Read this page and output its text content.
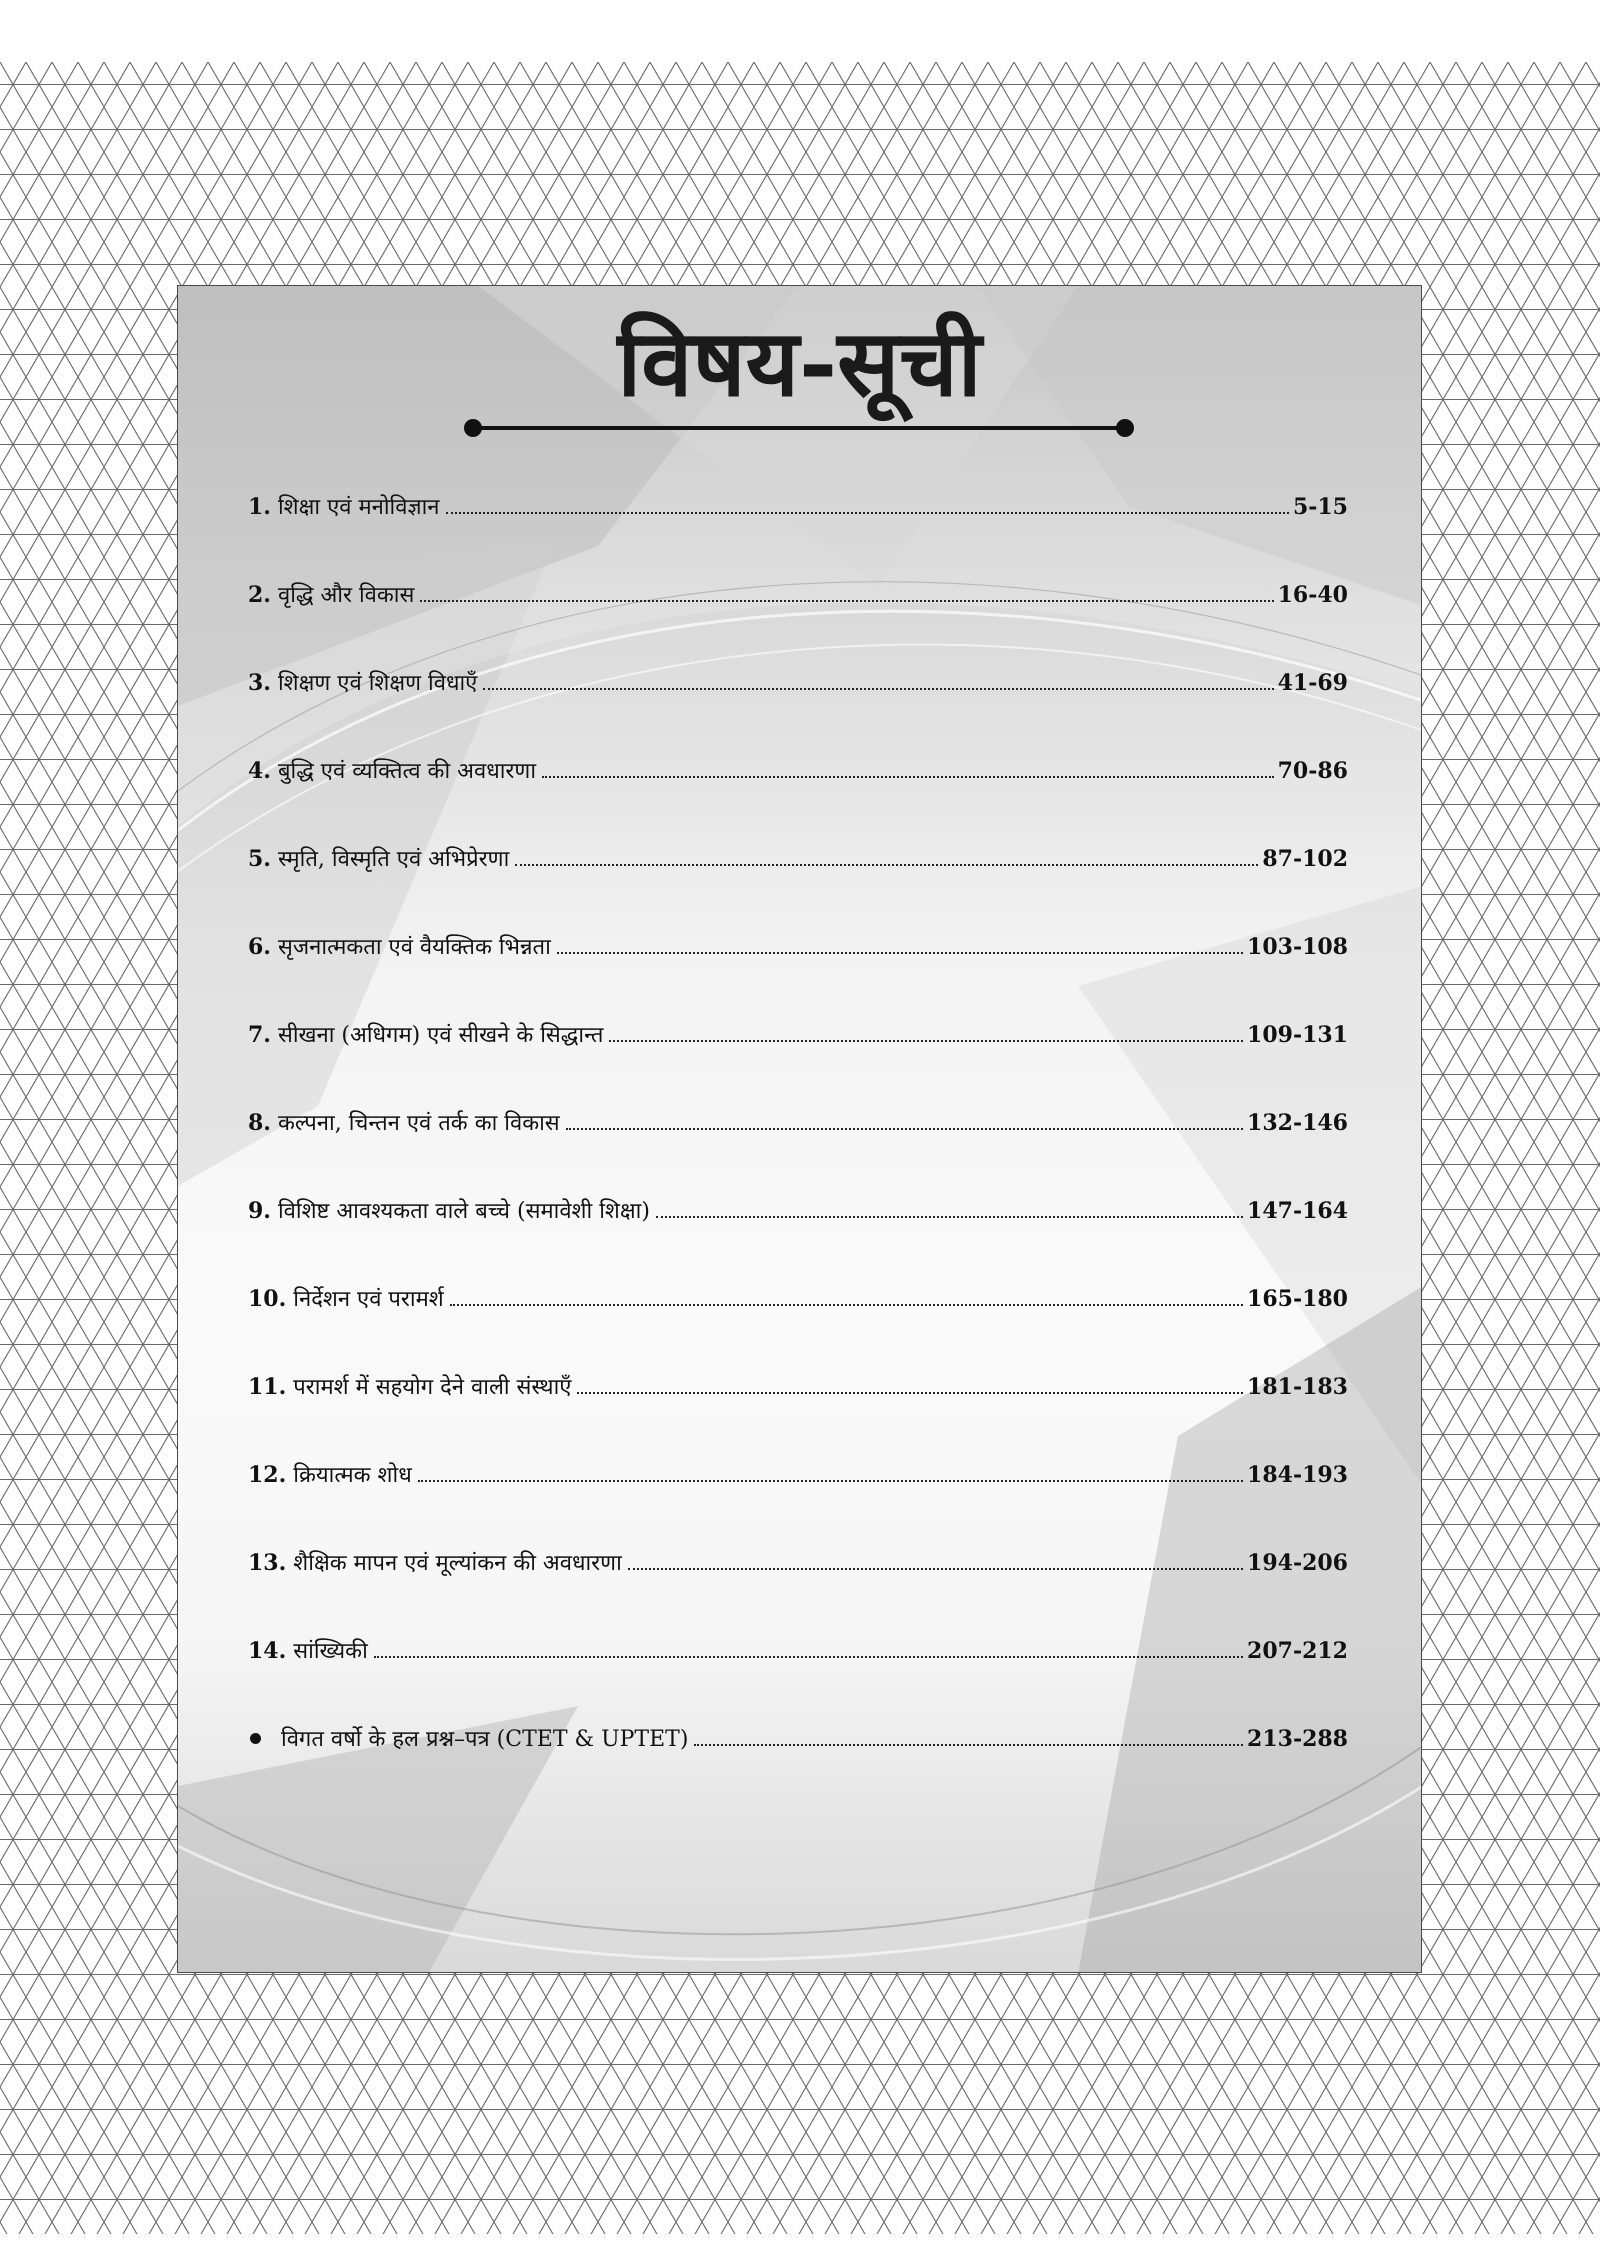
विषय-सूची
1.
शिक्षा एवं मनोविज्ञान	5-15
2.
वृद्धि और विकास	16-40
3.
शिक्षण एवं शिक्षण विधाएँ	41-69
4.
बुद्धि एवं व्यक्तित्व की अवधारणा	70-86
5.
स्मृति, विस्मृति एवं अभिप्रेरणा	87-102
6.
सृजनात्मकता एवं वैयक्तिक भिन्नता	103-108
7.
सीखना (अधिगम) एवं सीखने के सिद्धान्त	109-131
8.
कल्पना, चिन्तन एवं तर्क का विकास	132-146
9.
विशिष्ट आवश्यकता वाले बच्चे (समावेशी शिक्षा)	147-164
10.
निर्देशन एवं परामर्श	165-180
11.
परामर्श में सहयोग देने वाली संस्थाएँ	181-183
12.
क्रियात्मक शोध	184-193
13.
शैक्षिक मापन एवं मूल्यांकन की अवधारणा	194-206
14.
सांख्यिकी	207-212
विगत वर्षो के हल प्रश्न–पत्र (CTET & UPTET)	213-288
